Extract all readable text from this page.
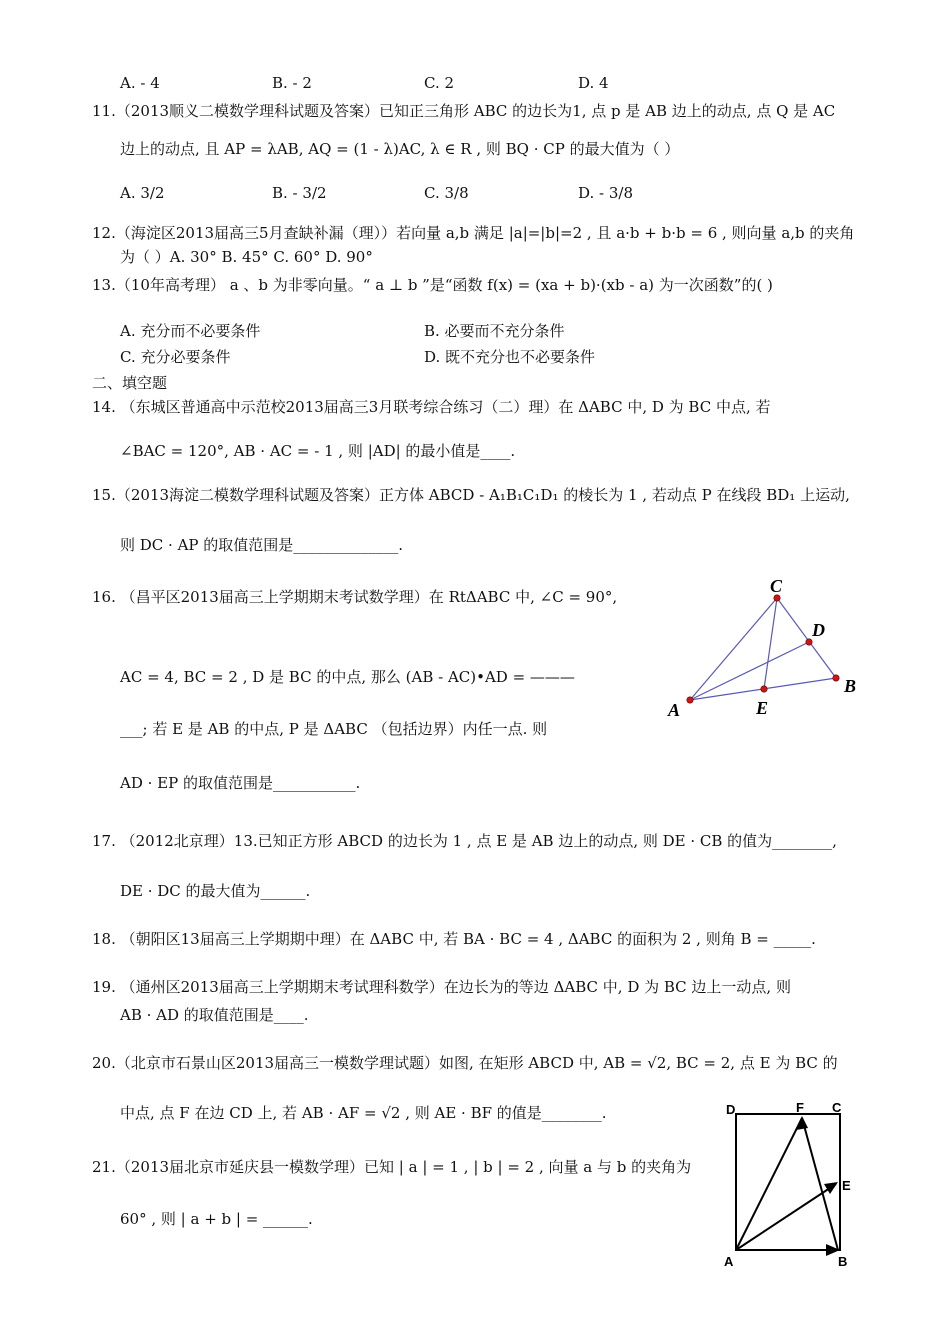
A. - 4	B. - 2	C. 2	D. 4
11.（2013顺义二模数学理科试题及答案）已知正三角形 ABC 的边长为1, 点 p 是 AB 边上的动点, 点 Q 是 AC
边上的动点, 且 AP = λAB, AQ = (1 - λ)AC, λ ∈ R , 则 BQ · CP 的最大值为（ ）
A. 3/2	B. - 3/2	C. 3/8	D. - 3/8
12.（海淀区2013届高三5月查缺补漏（理））若向量 a,b 满足 |a|=|b|=2 , 且 a·b + b·b = 6 , 则向量 a,b 的夹角
为（ ）A. 30° B. 45° C. 60° D. 90°
13.（10年高考理） a 、b 为非零向量。“ a ⊥ b ”是“函数 f(x) = (xa + b)·(xb - a) 为一次函数”的( )
A. 充分而不必要条件	B. 必要而不充分条件
C. 充分必要条件	D. 既不充分也不必要条件
二、填空题
14. （东城区普通高中示范校2013届高三3月联考综合练习（二）理）在 ΔABC 中, D 为 BC 中点, 若
∠BAC = 120°, AB · AC = - 1 , 则 |AD| 的最小值是____.
15.（2013海淀二模数学理科试题及答案）正方体 ABCD - A₁B₁C₁D₁ 的棱长为 1 , 若动点 P 在线段 BD₁ 上运动,
则 DC · AP 的取值范围是______________.
16. （昌平区2013届高三上学期期末考试数学理）在 RtΔABC 中, ∠C = 90°,
AC = 4, BC = 2 , D 是 BC 的中点, 那么 (AB - AC)•AD = ———
___; 若 E 是 AB 的中点, P 是 ΔABC （包括边界）内任一点. 则
AD · EP 的取值范围是___________.
C
D
B
A	E
17. （2012北京理）13.已知正方形 ABCD 的边长为 1 , 点 E 是 AB 边上的动点, 则 DE · CB 的值为________,
DE · DC 的最大值为______.
18. （朝阳区13届高三上学期期中理）在 ΔABC 中, 若 BA · BC = 4 , ΔABC 的面积为 2 , 则角 B = _____.
19. （通州区2013届高三上学期期末考试理科数学）在边长为的等边 ΔABC 中, D 为 BC 边上一动点, 则
AB · AD 的取值范围是____.
20.（北京市石景山区2013届高三一模数学理试题）如图, 在矩形 ABCD 中, AB = √2, BC = 2, 点 E 为 BC 的
中点, 点 F 在边 CD 上, 若 AB · AF = √2 , 则 AE · BF 的值是________.
21.（2013届北京市延庆县一模数学理）已知 | a | = 1 , | b | = 2 , 向量 a 与 b 的夹角为
60° , 则 | a + b | = ______.
D	F C
E
A	B
